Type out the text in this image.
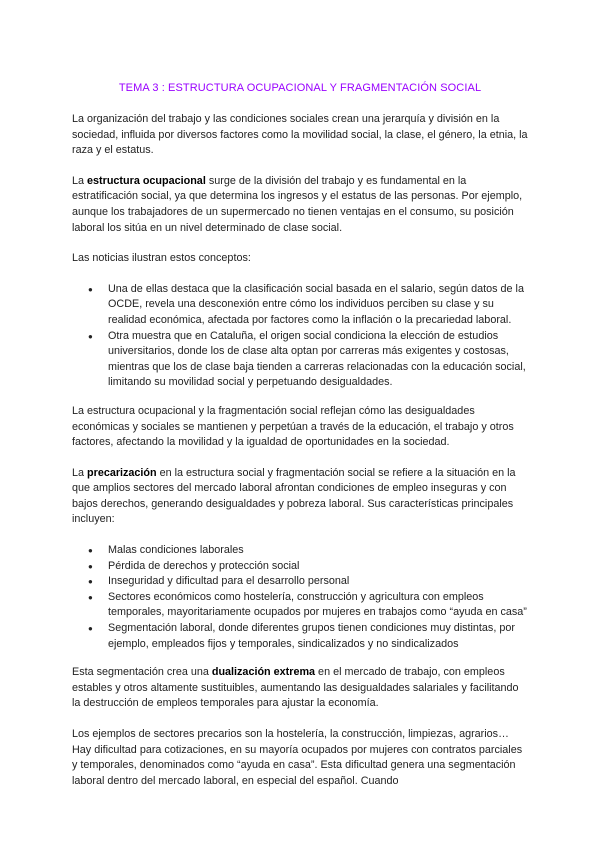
TEMA 3 : ESTRUCTURA OCUPACIONAL Y FRAGMENTACIÓN SOCIAL

La organización del trabajo y las condiciones sociales crean una jerarquía y división en la sociedad, influida por diversos factores como la movilidad social, la clase, el género, la etnia, la raza y el estatus.

La estructura ocupacional surge de la división del trabajo y es fundamental en la estratificación social, ya que determina los ingresos y el estatus de las personas. Por ejemplo, aunque los trabajadores de un supermercado no tienen ventajas en el consumo, su posición laboral los sitúa en un nivel determinado de clase social.

Las noticias ilustran estos conceptos:

● Una de ellas destaca que la clasificación social basada en el salario, según datos de la OCDE, revela una desconexión entre cómo los individuos perciben su clase y su realidad económica, afectada por factores como la inflación o la precariedad laboral.
● Otra muestra que en Cataluña, el origen social condiciona la elección de estudios universitarios, donde los de clase alta optan por carreras más exigentes y costosas, mientras que los de clase baja tienden a carreras relacionadas con la educación social, limitando su movilidad social y perpetuando desigualdades.

La estructura ocupacional y la fragmentación social reflejan cómo las desigualdades económicas y sociales se mantienen y perpetúan a través de la educación, el trabajo y otros factores, afectando la movilidad y la igualdad de oportunidades en la sociedad.

La precarización en la estructura social y fragmentación social se refiere a la situación en la que amplios sectores del mercado laboral afrontan condiciones de empleo inseguras y con bajos derechos, generando desigualdades y pobreza laboral. Sus características principales incluyen:

● Malas condiciones laborales
● Pérdida de derechos y protección social
● Inseguridad y dificultad para el desarrollo personal
● Sectores económicos como hostelería, construcción y agricultura con empleos temporales, mayoritariamente ocupados por mujeres en trabajos como “ayuda en casa”
● Segmentación laboral, donde diferentes grupos tienen condiciones muy distintas, por ejemplo, empleados fijos y temporales, sindicalizados y no sindicalizados

Esta segmentación crea una dualización extrema en el mercado de trabajo, con empleos estables y otros altamente sustituibles, aumentando las desigualdades salariales y facilitando la destrucción de empleos temporales para ajustar la economía.

Los ejemplos de sectores precarios son la hostelería, la construcción, limpiezas, agrarios… Hay dificultad para cotizaciones, en su mayoría ocupados por mujeres con contratos parciales y temporales, denominados como “ayuda en casa”. Esta dificultad genera una segmentación laboral dentro del mercado laboral, en especial del español. Cuando
